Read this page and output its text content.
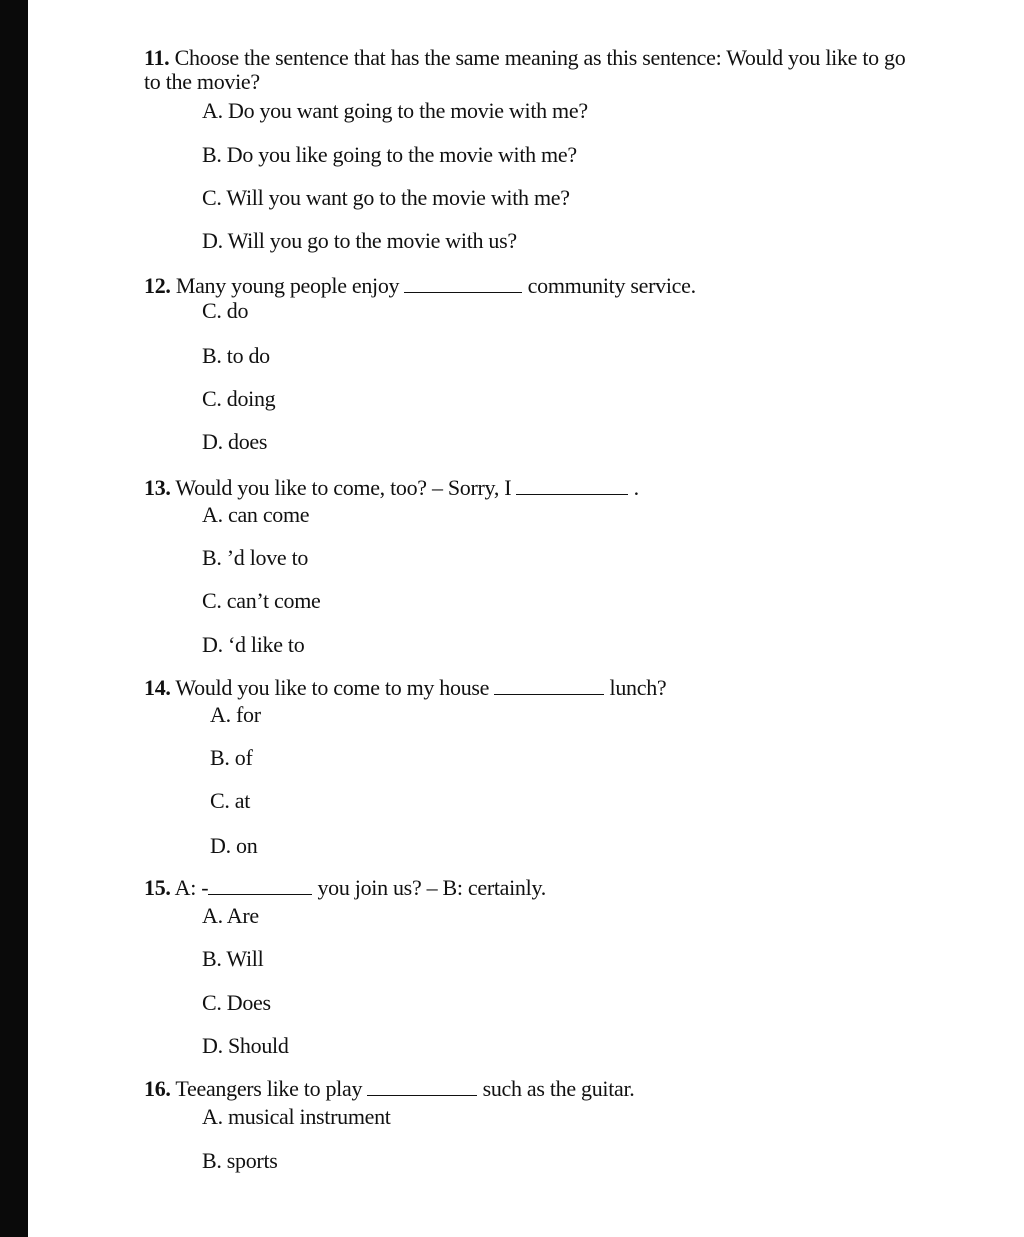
11. Choose the sentence that has the same meaning as this sentence: Would you like to go
to the movie?
A. Do you want going to the movie with me?
B. Do you like going to the movie with me?
C. Will you want go to the movie with me?
D. Will you go to the movie with us?
12. Many young people enjoy	community service.
C. do
B. to do
C. doing
D. does
13. Would you like to come, too? – Sorry, I	.
A. can come
B. ’d love to
C. can’t come
D. ‘d like to
14. Would you like to come to my house	lunch?
A. for
B. of
C. at
D. on
15. A: -	you join us? – B: certainly.
A. Are
B. Will
C. Does
D. Should
16. Teeangers like to play	such as the guitar.
A. musical instrument
B. sports
